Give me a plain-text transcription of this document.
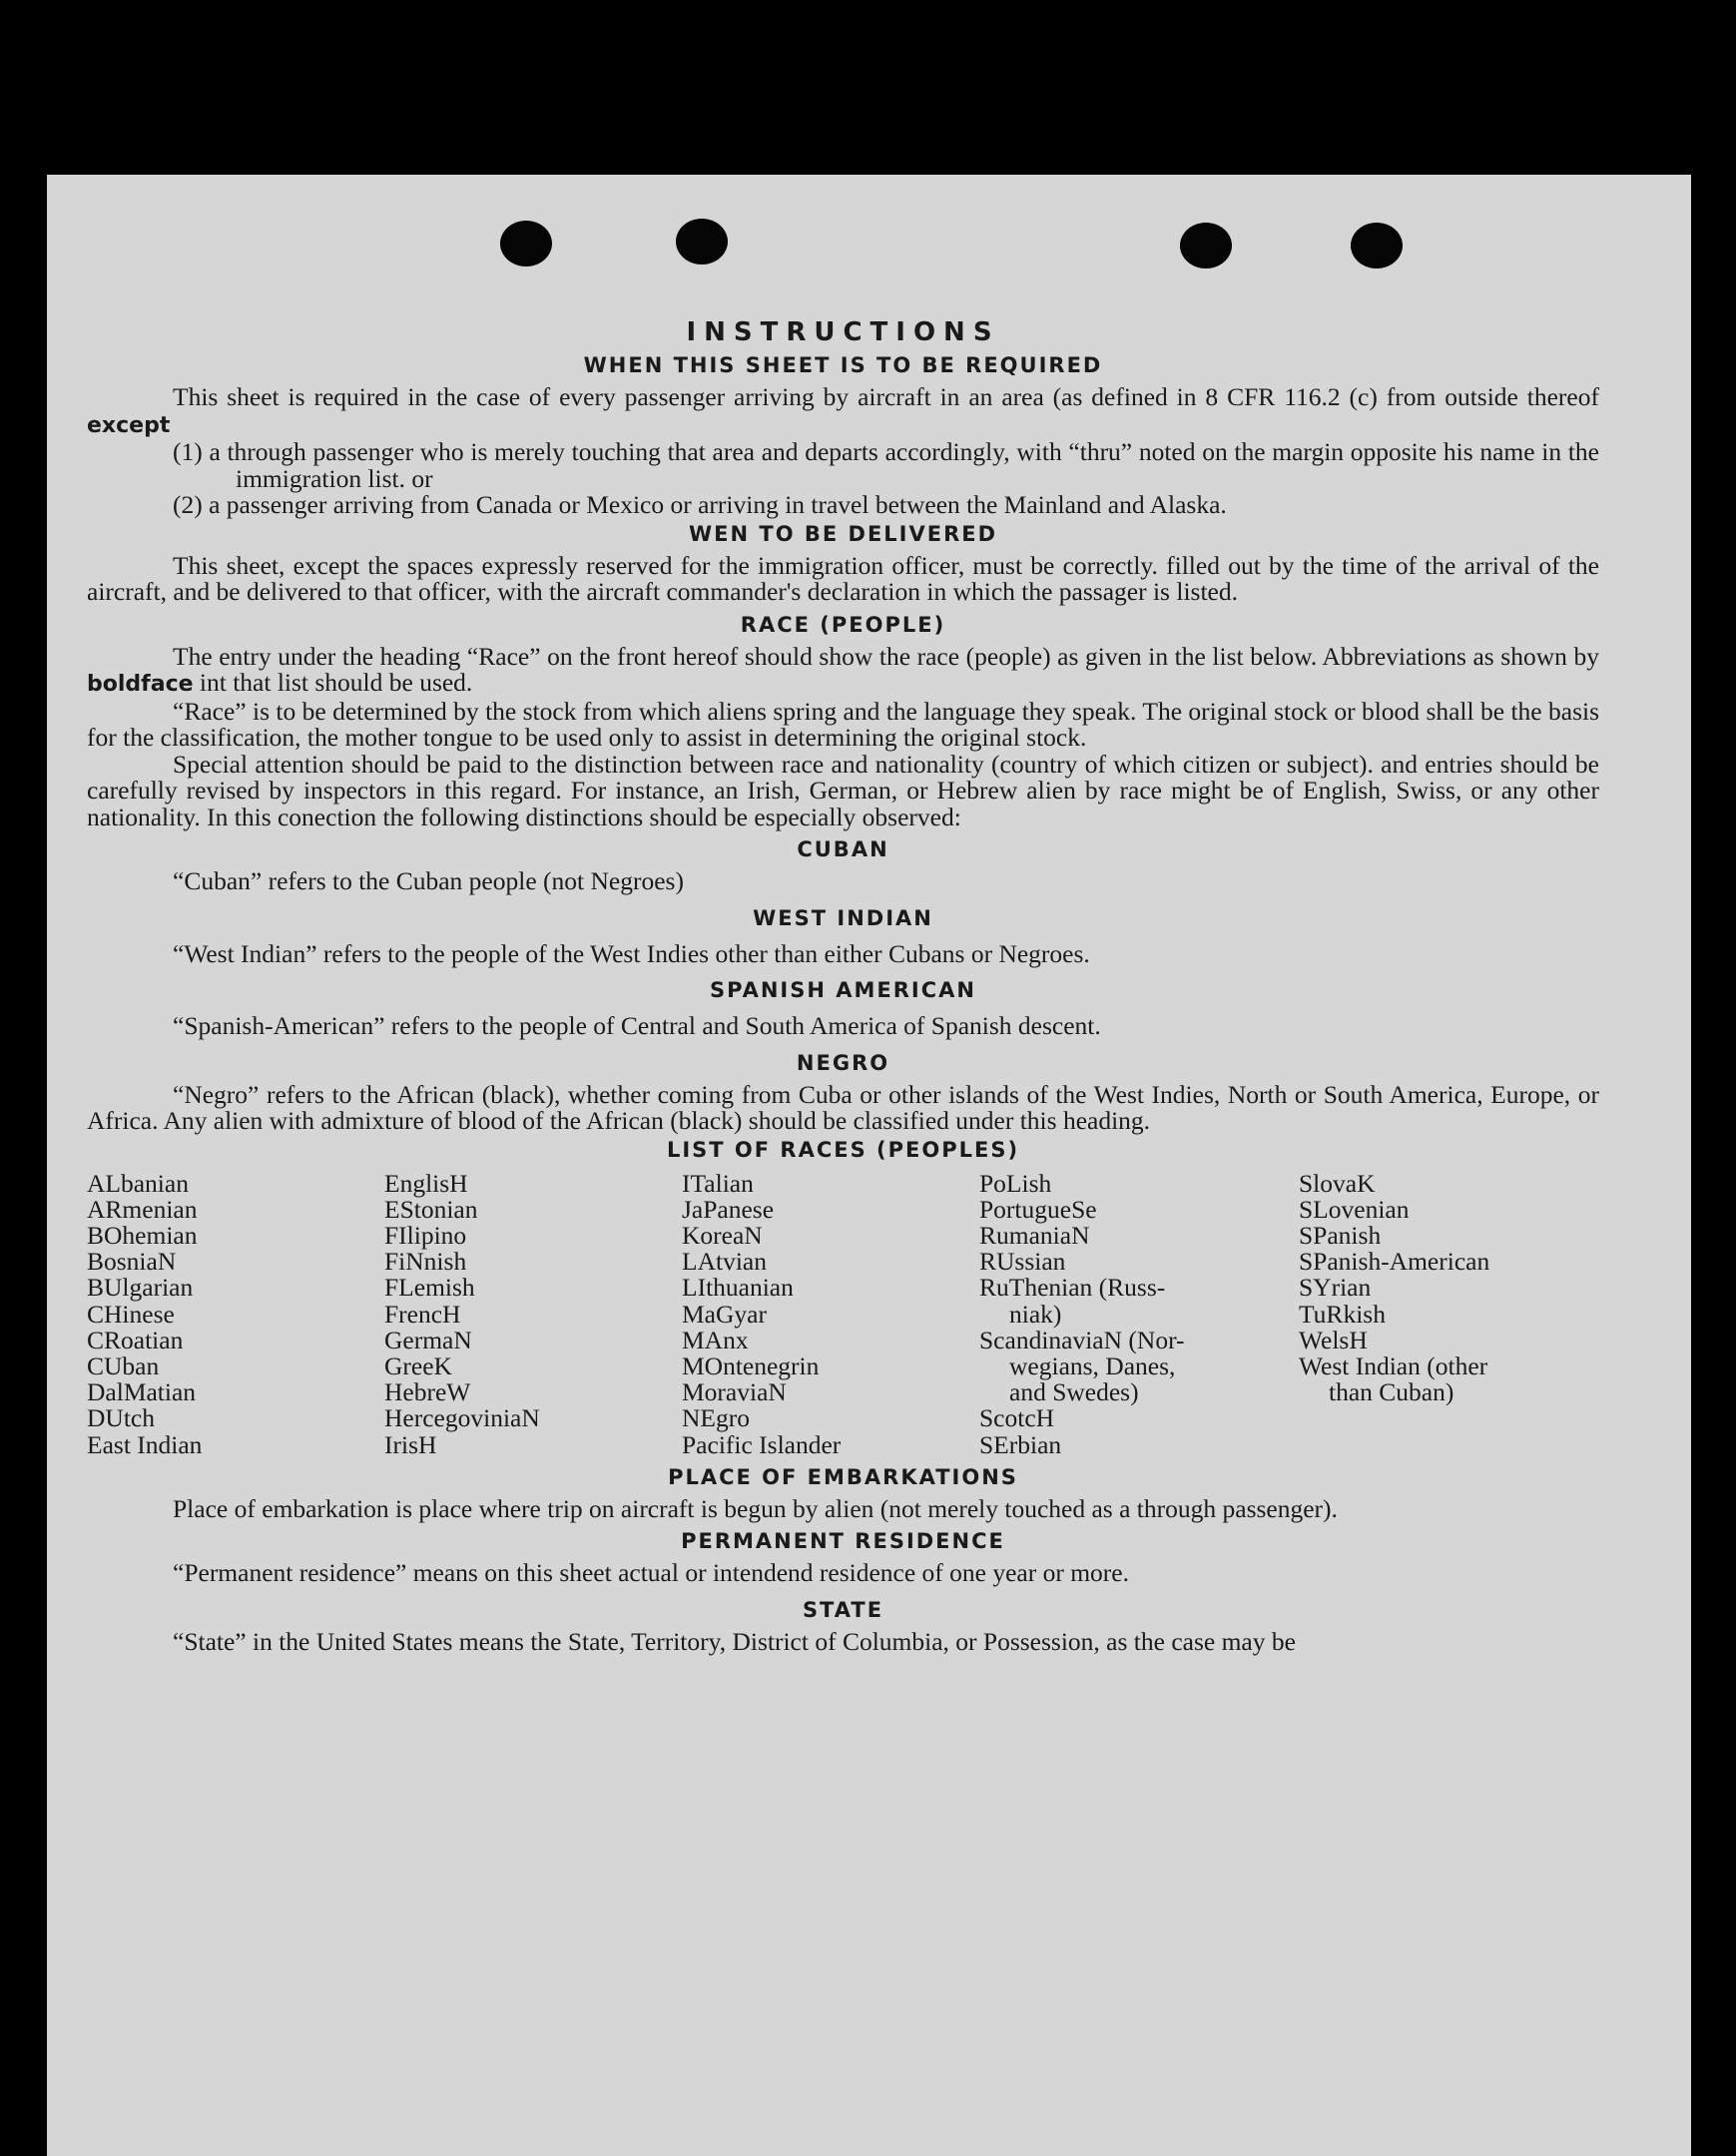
INSTRUCTIONS
WHEN THIS SHEET IS TO BE REQUIRED

This sheet is required in the case of every passenger arriving by aircraft in an area (as defined in 8 CFR 116.2 (c) from outside thereof except

(1) a through passenger who is merely touching that area and departs accordingly, with “thru” noted on the margin opposite his name in the immigration list. or

(2) a passenger arriving from Canada or Mexico or arriving in travel between the Mainland and Alaska.

WEN TO BE DELIVERED

This sheet, except the spaces expressly reserved for the immigration officer, must be correctly. filled out by the time of the arrival of the aircraft, and be delivered to that officer, with the aircraft commander's declaration in which the passager is listed.

RACE (PEOPLE)

The entry under the heading “Race” on the front hereof should show the race (people) as given in the list below. Abbreviations as shown by boldface int that list should be used.

“Race” is to be determined by the stock from which aliens spring and the language they speak. The original stock or blood shall be the basis for the classification, the mother tongue to be used only to assist in determining the original stock.

Special attention should be paid to the distinction between race and nationality (country of which citizen or subject). and entries should be carefully revised by inspectors in this regard. For instance, an Irish, German, or Hebrew alien by race might be of English, Swiss, or any other nationality. In this conection the following distinctions should be especially observed:

CUBAN

“Cuban” refers to the Cuban people (not Negroes)

WEST INDIAN

“West Indian” refers to the people of the West Indies other than either Cubans or Negroes.

SPANISH AMERICAN

“Spanish-American” refers to the people of Central and South America of Spanish descent.

NEGRO

“Negro” refers to the African (black), whether coming from Cuba or other islands of the West Indies, North or South America, Europe, or Africa. Any alien with admixture of blood of the African (black) should be classified under this heading.

LIST OF RACES (PEOPLES)
ALbanian
ARmenian
BOhemian
BosniaN
BUlgarian
CHinese
CRoatian
CUban
DalMatian
DUtch
East Indian
EnglisH
EStonian
FIlipino
FiNnish
FLemish
FrencH
GermaN
GreeK
HebreW
HercegoviniaN
IrisH
ITalian
JaPanese
KoreaN
LAtvian
LIthuanian
MaGyar
MAnx
MOntenegrin
MoraviaN
NEgro
Pacific Islander
PoLish
PortugueSe
RumaniaN
RUssian
RuThenian (Russ-
niak)
ScandinaviaN (Nor-
wegians, Danes,
and Swedes)
ScotcH
SErbian
SlovaK
SLovenian
SPanish
SPanish-American
SYrian
TuRkish
WelsH
West Indian (other
than Cuban)
PLACE OF EMBARKATIONS

Place of embarkation is place where trip on aircraft is begun by alien (not merely touched as a through passenger).

PERMANENT RESIDENCE

“Permanent residence” means on this sheet actual or intendend residence of one year or more.

STATE

“State” in the United States means the State, Territory, District of Columbia, or Possession, as the case may be
